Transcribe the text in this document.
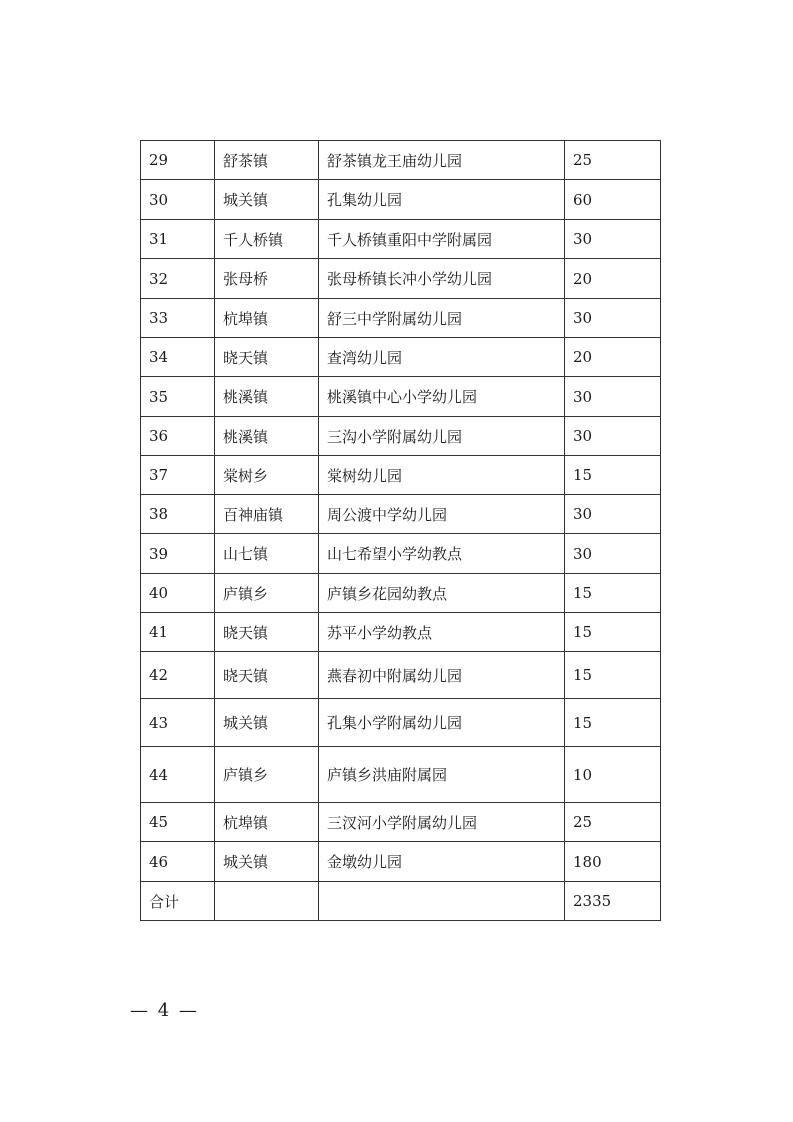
29	舒茶镇	舒茶镇龙王庙幼儿园	25
30	城关镇	孔集幼儿园	60
31	千人桥镇	千人桥镇重阳中学附属园	30
32	张母桥	张母桥镇长冲小学幼儿园	20
33	杭埠镇	舒三中学附属幼儿园	30
34	晓天镇	查湾幼儿园	20
35	桃溪镇	桃溪镇中心小学幼儿园	30
36	桃溪镇	三沟小学附属幼儿园	30
37	棠树乡	棠树幼儿园	15
38	百神庙镇	周公渡中学幼儿园	30
39	山七镇	山七希望小学幼教点	30
40	庐镇乡	庐镇乡花园幼教点	15
41	晓天镇	苏平小学幼教点	15
42	晓天镇	燕春初中附属幼儿园	15
43	城关镇	孔集小学附属幼儿园	15
44	庐镇乡	庐镇乡洪庙附属园	10
45	杭埠镇	三汊河小学附属幼儿园	25
46	城关镇	金墩幼儿园	180
合计			2335
— 4 —
